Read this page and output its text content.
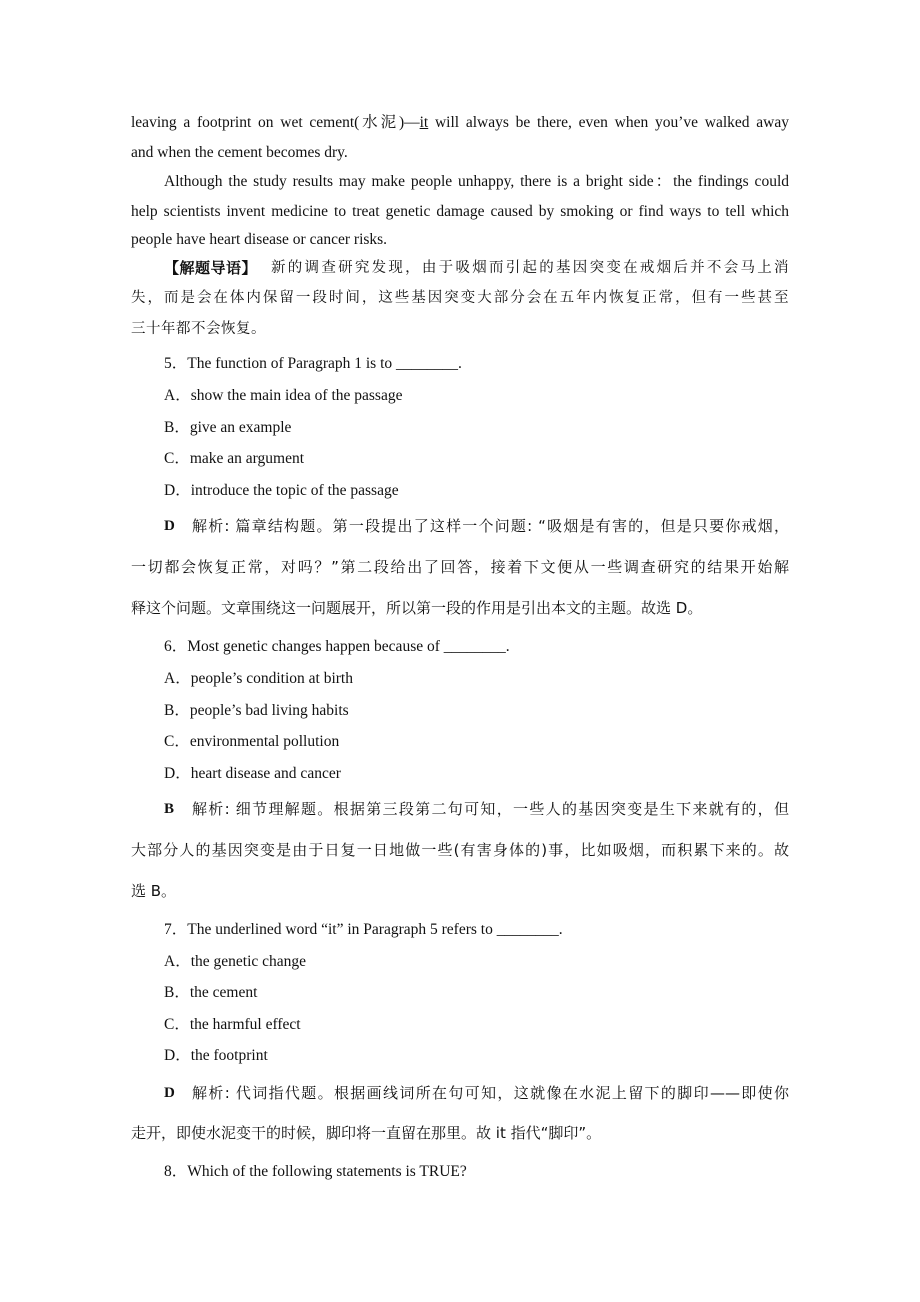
leaving a footprint on wet cement(水泥)—it will always be there, even when you’ve walked away
and when the cement becomes dry.
Although the study results may make people unhappy, there is a bright side：the findings could
help scientists invent medicine to treat genetic damage caused by smoking or find ways to tell which
people have heart disease or cancer risks.
【解题导语】 新的调查研究发现，由于吸烟而引起的基因突变在戒烟后并不会马上消
失，而是会在体内保留一段时间，这些基因突变大部分会在五年内恢复正常，但有一些甚至
三十年都不会恢复。
5．The function of Paragraph 1 is to ________.
A．show the main idea of the passage
B．give an example
C．make an argument
D．introduce the topic of the passage
D	解析: 篇章结构题。第一段提出了这样一个问题: “吸烟是有害的，但是只要你戒烟，
一切都会恢复正常，对吗？”第二段给出了回答，接着下文便从一些调查研究的结果开始解
释这个问题。文章围绕这一问题展开，所以第一段的作用是引出本文的主题。故选 D。
6．Most genetic changes happen because of ________.
A．people’s condition at birth
B．people’s bad living habits
C．environmental pollution
D．heart disease and cancer
B	解析: 细节理解题。根据第三段第二句可知，一些人的基因突变是生下来就有的，但
大部分人的基因突变是由于日复一日地做一些(有害身体的)事，比如吸烟，而积累下来的。故
选 B。
7．The underlined word “it” in Paragraph 5 refers to ________.
A．the genetic change
B．the cement
C．the harmful effect
D．the footprint
D	解析: 代词指代题。根据画线词所在句可知，这就像在水泥上留下的脚印——即使你
走开，即使水泥变干的时候，脚印将一直留在那里。故 it 指代“脚印”。
8．Which of the following statements is TRUE?
